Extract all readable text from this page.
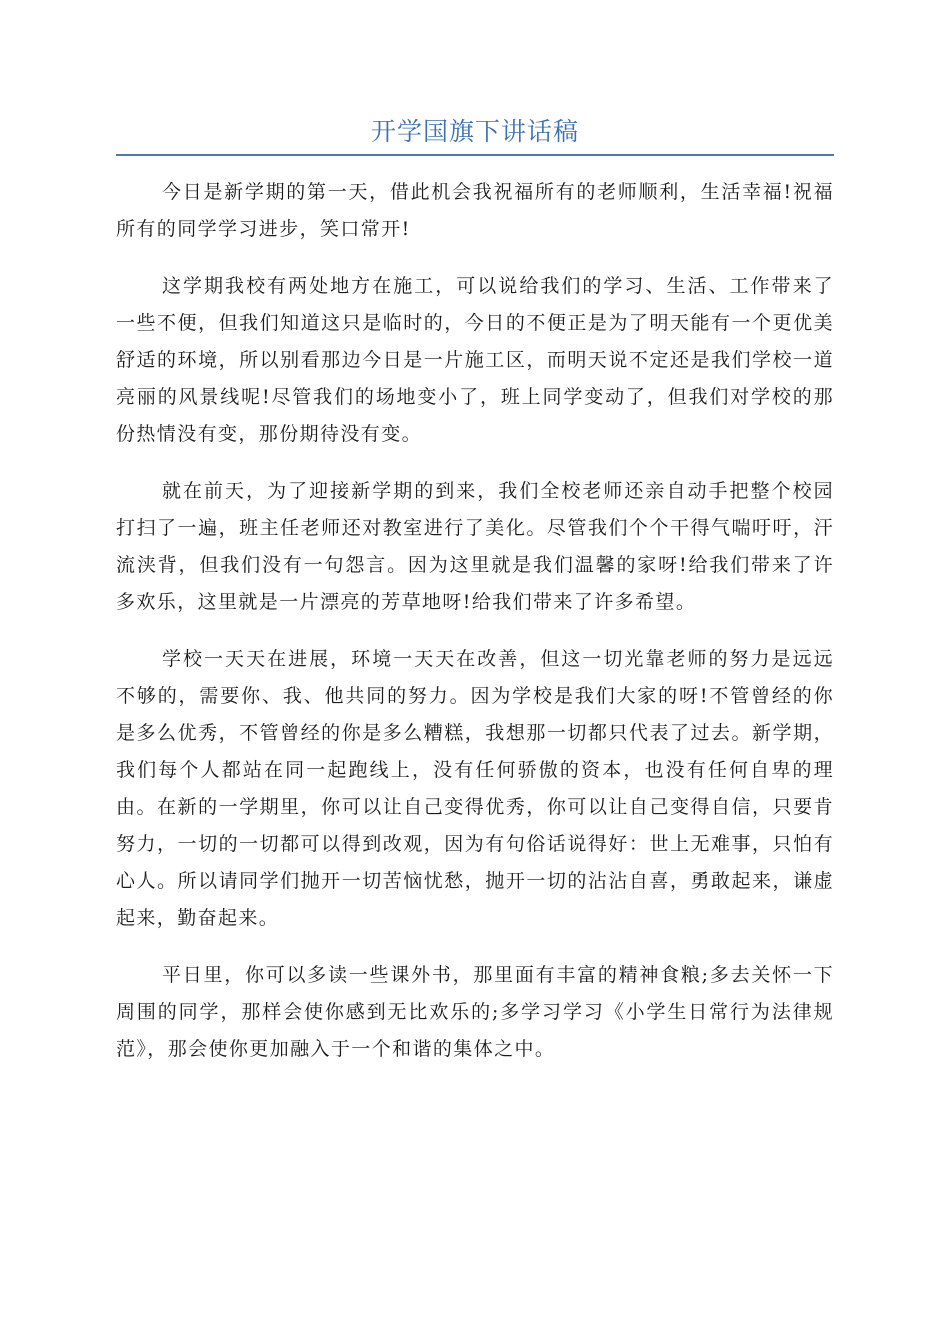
开学国旗下讲话稿

今日是新学期的第一天，借此机会我祝福所有的老师顺利，生活幸福!祝福所有的同学学习进步，笑口常开!

这学期我校有两处地方在施工，可以说给我们的学习、生活、工作带来了一些不便，但我们知道这只是临时的，今日的不便正是为了明天能有一个更优美舒适的环境，所以别看那边今日是一片施工区，而明天说不定还是我们学校一道亮丽的风景线呢!尽管我们的场地变小了，班上同学变动了，但我们对学校的那份热情没有变，那份期待没有变。

就在前天，为了迎接新学期的到来，我们全校老师还亲自动手把整个校园打扫了一遍，班主任老师还对教室进行了美化。尽管我们个个干得气喘吁吁，汗流浃背，但我们没有一句怨言。因为这里就是我们温馨的家呀!给我们带来了许多欢乐，这里就是一片漂亮的芳草地呀!给我们带来了许多希望。

学校一天天在进展，环境一天天在改善，但这一切光靠老师的努力是远远不够的，需要你、我、他共同的努力。因为学校是我们大家的呀!不管曾经的你是多么优秀，不管曾经的你是多么糟糕，我想那一切都只代表了过去。新学期，我们每个人都站在同一起跑线上，没有任何骄傲的资本，也没有任何自卑的理由。在新的一学期里，你可以让自己变得优秀，你可以让自己变得自信，只要肯努力，一切的一切都可以得到改观，因为有句俗话说得好：世上无难事，只怕有心人。所以请同学们抛开一切苦恼忧愁，抛开一切的沾沾自喜，勇敢起来，谦虚起来，勤奋起来。

平日里，你可以多读一些课外书，那里面有丰富的精神食粮;多去关怀一下周围的同学，那样会使你感到无比欢乐的;多学习学习《小学生日常行为法律规范》，那会使你更加融入于一个和谐的集体之中。
